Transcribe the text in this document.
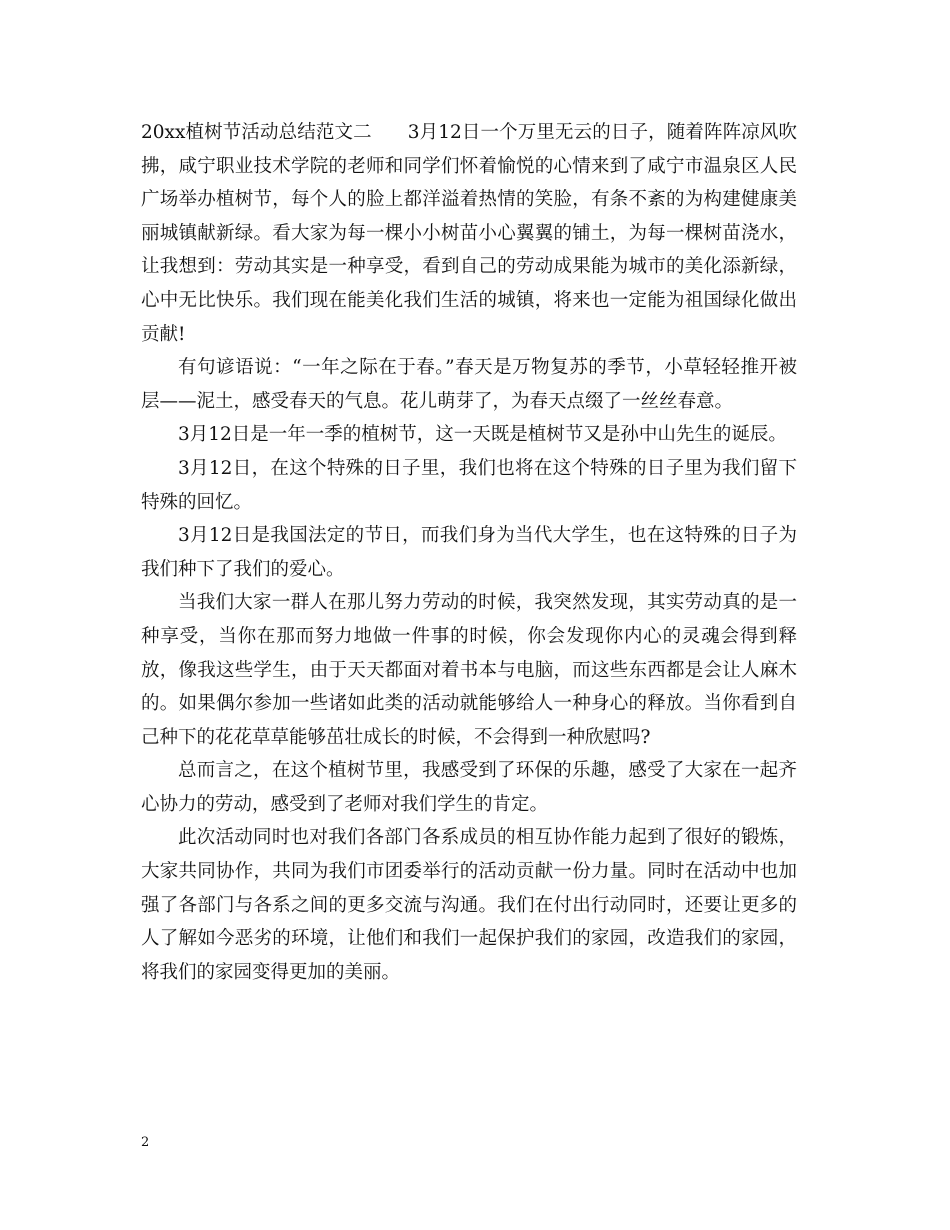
20xx植树节活动总结范文二 3月12日一个万里无云的日子，随着阵阵凉风吹拂，咸宁职业技术学院的老师和同学们怀着愉悦的心情来到了咸宁市温泉区人民广场举办植树节，每个人的脸上都洋溢着热情的笑脸，有条不紊的为构建健康美丽城镇献新绿。看大家为每一棵小小树苗小心翼翼的铺土，为每一棵树苗浇水，让我想到：劳动其实是一种享受，看到自己的劳动成果能为城市的美化添新绿，心中无比快乐。我们现在能美化我们生活的城镇，将来也一定能为祖国绿化做出贡献!

有句谚语说：“一年之际在于春。”春天是万物复苏的季节，小草轻轻推开被层——泥土，感受春天的气息。花儿萌芽了，为春天点缀了一丝丝春意。

3月12日是一年一季的植树节，这一天既是植树节又是孙中山先生的诞辰。

3月12日，在这个特殊的日子里，我们也将在这个特殊的日子里为我们留下特殊的回忆。

3月12日是我国法定的节日，而我们身为当代大学生，也在这特殊的日子为我们种下了我们的爱心。

当我们大家一群人在那儿努力劳动的时候，我突然发现，其实劳动真的是一种享受，当你在那而努力地做一件事的时候，你会发现你内心的灵魂会得到释放，像我这些学生，由于天天都面对着书本与电脑，而这些东西都是会让人麻木的。如果偶尔参加一些诸如此类的活动就能够给人一种身心的释放。当你看到自己种下的花花草草能够茁壮成长的时候，不会得到一种欣慰吗?

总而言之，在这个植树节里，我感受到了环保的乐趣，感受了大家在一起齐心协力的劳动，感受到了老师对我们学生的肯定。

此次活动同时也对我们各部门各系成员的相互协作能力起到了很好的锻炼，大家共同协作，共同为我们市团委举行的活动贡献一份力量。同时在活动中也加强了各部门与各系之间的更多交流与沟通。我们在付出行动同时，还要让更多的人了解如今恶劣的环境，让他们和我们一起保护我们的家园，改造我们的家园，将我们的家园变得更加的美丽。

2
